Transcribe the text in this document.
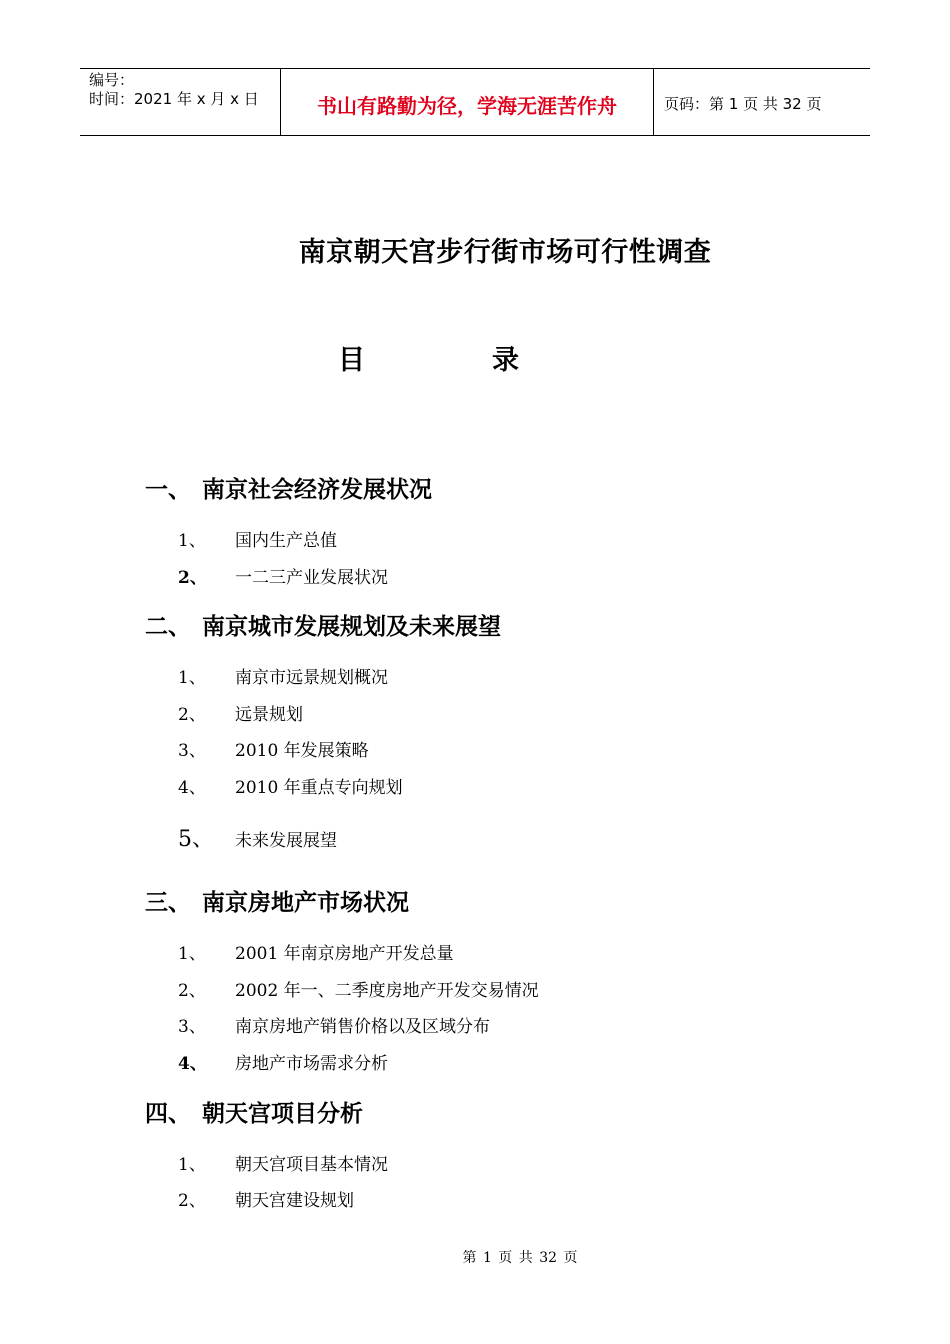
编号：
时间：2021 年 x 月 x 日	书山有路勤为径，学海无涯苦作舟	页码：第 1 页 共 32 页
南京朝天宫步行街市场可行性调查
目	录
一、 南京社会经济发展状况
1、 国内生产总值
2、 一二三产业发展状况
二、 南京城市发展规划及未来展望
1、 南京市远景规划概况
2、 远景规划
3、 2010 年发展策略
4、 2010 年重点专向规划
5、 未来发展展望
三、 南京房地产市场状况
1、 2001 年南京房地产开发总量
2、 2002 年一、二季度房地产开发交易情况
3、 南京房地产销售价格以及区域分布
4、 房地产市场需求分析
四、 朝天宫项目分析
1、 朝天宫项目基本情况
2、 朝天宫建设规划
第 1 页 共 32 页
